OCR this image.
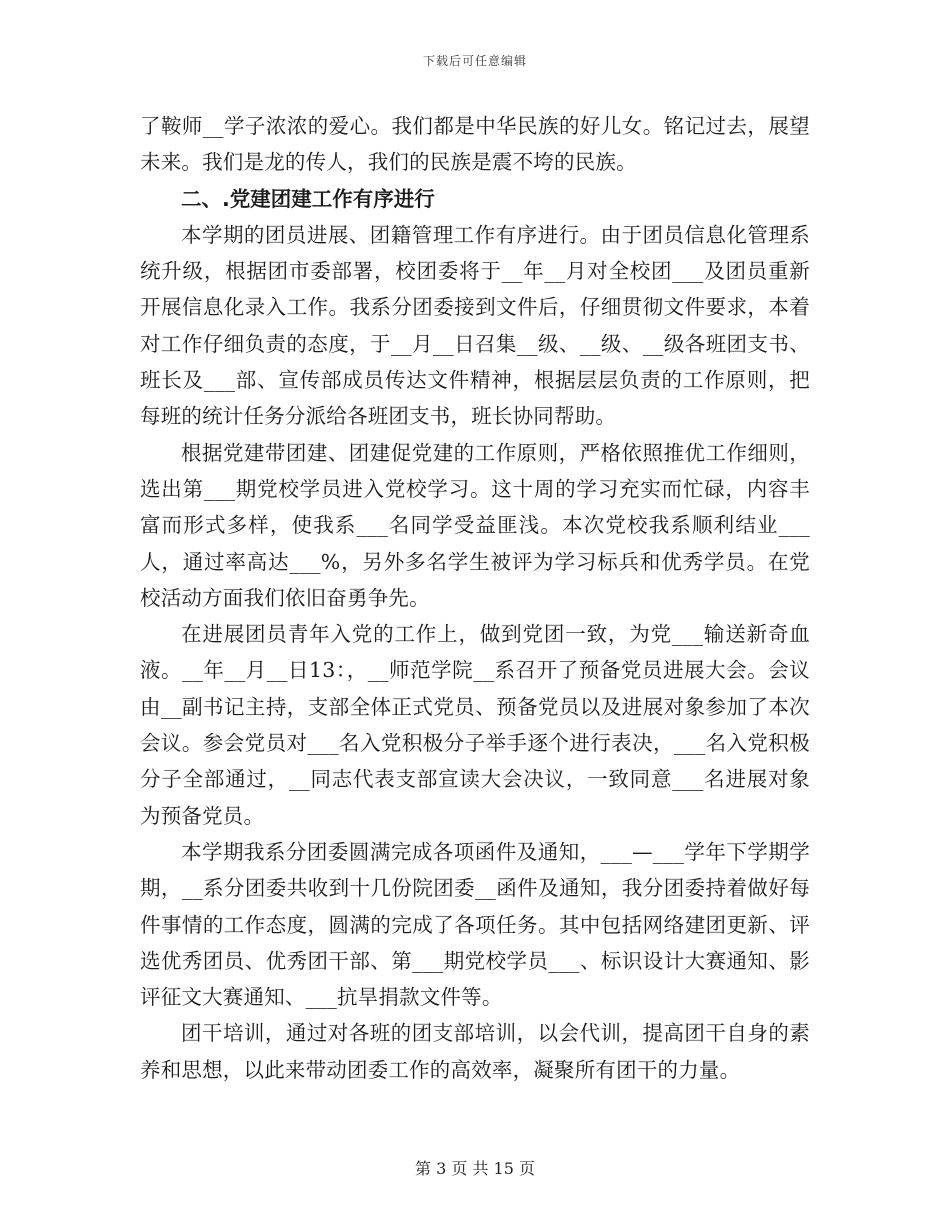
下载后可任意编辑

了鞍师__学子浓浓的爱心。我们都是中华民族的好儿女。铭记过去，展望未来。我们是龙的传人，我们的民族是震不垮的民族。

二、.党建团建工作有序进行

本学期的团员进展、团籍管理工作有序进行。由于团员信息化管理系统升级，根据团市委部署，校团委将于__年__月对全校团___及团员重新开展信息化录入工作。我系分团委接到文件后，仔细贯彻文件要求，本着对工作仔细负责的态度，于__月__日召集__级、__级、__级各班团支书、班长及___部、宣传部成员传达文件精神，根据层层负责的工作原则，把每班的统计任务分派给各班团支书，班长协同帮助。

根据党建带团建、团建促党建的工作原则，严格依照推优工作细则，选出第___期党校学员进入党校学习。这十周的学习充实而忙碌，内容丰富而形式多样，使我系___名同学受益匪浅。本次党校我系顺利结业___人，通过率高达___%，另外多名学生被评为学习标兵和优秀学员。在党校活动方面我们依旧奋勇争先。

在进展团员青年入党的工作上，做到党团一致，为党___输送新奇血液。__年__月__日13：，__师范学院__系召开了预备党员进展大会。会议由__副书记主持，支部全体正式党员、预备党员以及进展对象参加了本次会议。参会党员对___名入党积极分子举手逐个进行表决，___名入党积极分子全部通过，__同志代表支部宣读大会决议，一致同意___名进展对象为预备党员。

本学期我系分团委圆满完成各项函件及通知，___—___学年下学期学期，__系分团委共收到十几份院团委__函件及通知，我分团委持着做好每件事情的工作态度，圆满的完成了各项任务。其中包括网络建团更新、评选优秀团员、优秀团干部、第___期党校学员___、标识设计大赛通知、影评征文大赛通知、___抗旱捐款文件等。

团干培训，通过对各班的团支部培训，以会代训，提高团干自身的素养和思想，以此来带动团委工作的高效率，凝聚所有团干的力量。

第 3 页 共 15 页
